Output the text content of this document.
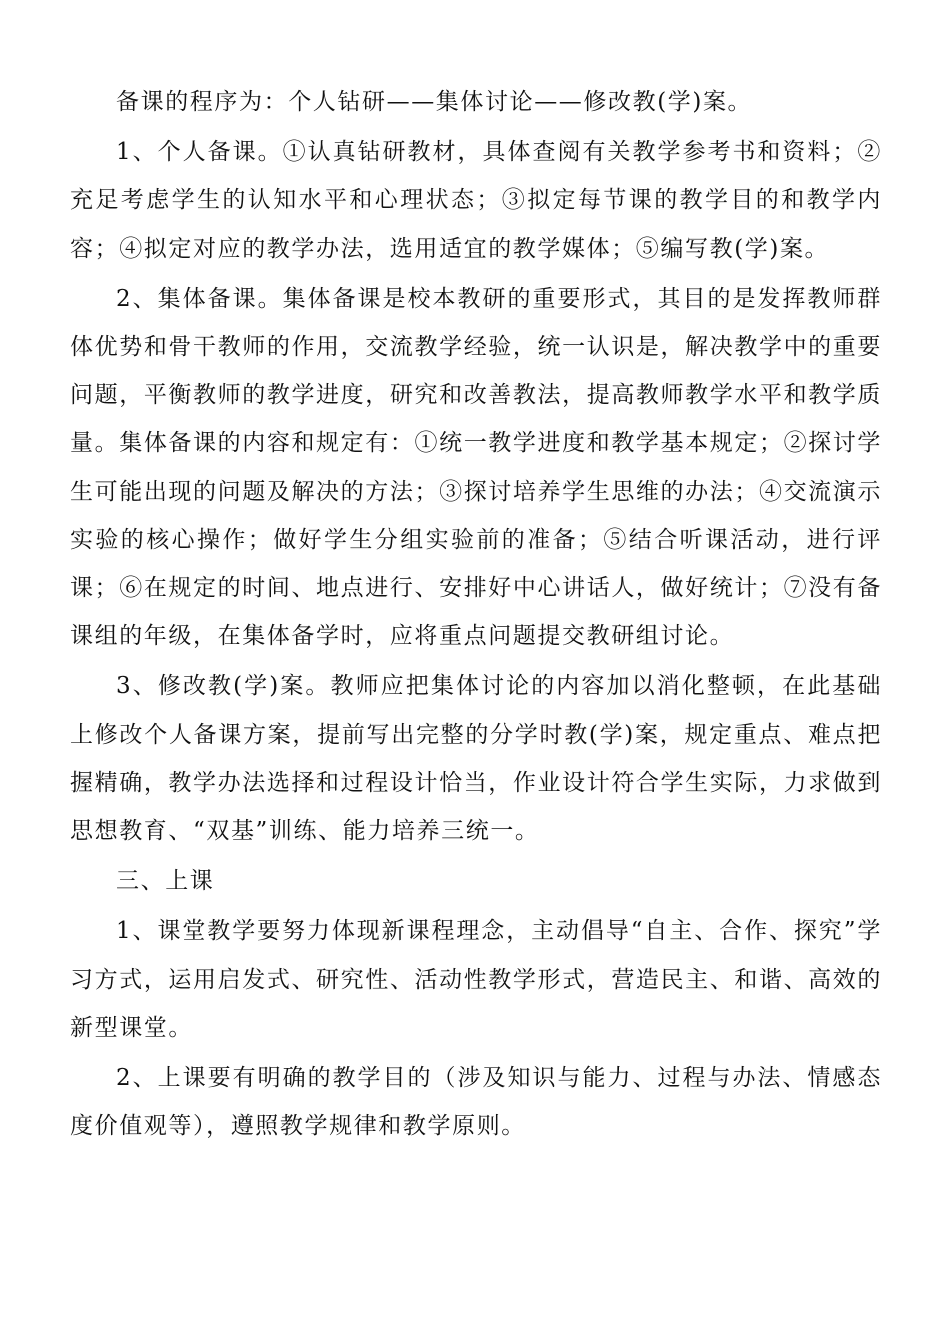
备课的程序为：个人钻研——集体讨论——修改教(学)案。

1、个人备课。①认真钻研教材，具体查阅有关教学参考书和资料；②充足考虑学生的认知水平和心理状态；③拟定每节课的教学目的和教学内容；④拟定对应的教学办法，选用适宜的教学媒体；⑤编写教(学)案。

2、集体备课。集体备课是校本教研的重要形式，其目的是发挥教师群体优势和骨干教师的作用，交流教学经验，统一认识是，解决教学中的重要问题，平衡教师的教学进度，研究和改善教法，提高教师教学水平和教学质量。集体备课的内容和规定有：①统一教学进度和教学基本规定；②探讨学生可能出现的问题及解决的方法；③探讨培养学生思维的办法；④交流演示实验的核心操作；做好学生分组实验前的准备；⑤结合听课活动，进行评课；⑥在规定的时间、地点进行、安排好中心讲话人，做好统计；⑦没有备课组的年级，在集体备学时，应将重点问题提交教研组讨论。

3、修改教(学)案。教师应把集体讨论的内容加以消化整顿，在此基础上修改个人备课方案，提前写出完整的分学时教(学)案，规定重点、难点把握精确，教学办法选择和过程设计恰当，作业设计符合学生实际，力求做到思想教育、“双基”训练、能力培养三统一。

三、上课

1、课堂教学要努力体现新课程理念，主动倡导“自主、合作、探究”学习方式，运用启发式、研究性、活动性教学形式，营造民主、和谐、高效的新型课堂。

2、上课要有明确的教学目的（涉及知识与能力、过程与办法、情感态度价值观等），遵照教学规律和教学原则。
